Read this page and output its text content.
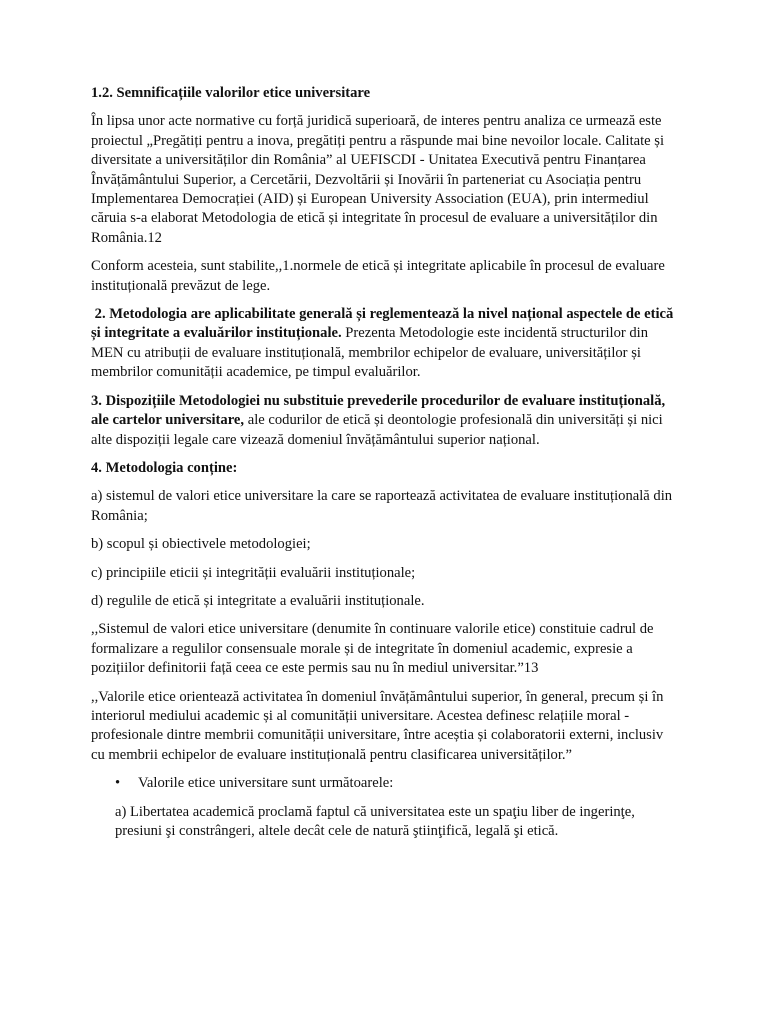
1.2. Semnificațiile valorilor etice universitare

În lipsa unor acte normative cu forță juridică superioară, de interes pentru analiza ce urmează este proiectul „Pregătiți pentru a inova, pregătiți pentru a răspunde mai bine nevoilor locale. Calitate și diversitate a universităților din România” al UEFISCDI - Unitatea Executivă pentru Finanțarea Învățământului Superior, a Cercetării, Dezvoltării și Inovării în parteneriat cu Asociația pentru Implementarea Democrației (AID) și European University Association (EUA), prin intermediul căruia s-a elaborat Metodologia de etică și integritate în procesul de evaluare a universităților din România.12

Conform acesteia, sunt stabilite,,1.normele de etică și integritate aplicabile în procesul de evaluare instituțională prevăzut de lege.

2. Metodologia are aplicabilitate generală și reglementează la nivel național aspectele de etică și integritate a evaluărilor instituționale. Prezenta Metodologie este incidentă structurilor din MEN cu atribuții de evaluare instituțională, membrilor echipelor de evaluare, universităților și membrilor comunității academice, pe timpul evaluărilor.

3. Dispozițiile Metodologiei nu substituie prevederile procedurilor de evaluare instituțională, ale cartelor universitare, ale codurilor de etică și deontologie profesională din universități și nici alte dispoziții legale care vizează domeniul învățământului superior național.

4. Metodologia conține:

a) sistemul de valori etice universitare la care se raportează activitatea de evaluare instituțională din România;

b) scopul și obiectivele metodologiei;

c) principiile eticii și integrității evaluării instituționale;

d) regulile de etică și integritate a evaluării instituționale.

,,Sistemul de valori etice universitare (denumite în continuare valorile etice) constituie cadrul de formalizare a regulilor consensuale morale și de integritate în domeniul academic, expresie a pozițiilor definitorii față ceea ce este permis sau nu în mediul universitar.”13

,,Valorile etice orientează activitatea în domeniul învățământului superior, în general, precum și în interiorul mediului academic și al comunității universitare. Acestea definesc relațiile moral - profesionale dintre membrii comunității universitare, între aceștia și colaboratorii externi, inclusiv cu membrii echipelor de evaluare instituțională pentru clasificarea universităților.”

• Valorile etice universitare sunt următoarele:

a) Libertatea academică proclamă faptul că universitatea este un spaţiu liber de ingerinţe, presiuni şi constrângeri, altele decât cele de natură ştiinţifică, legală şi etică.
